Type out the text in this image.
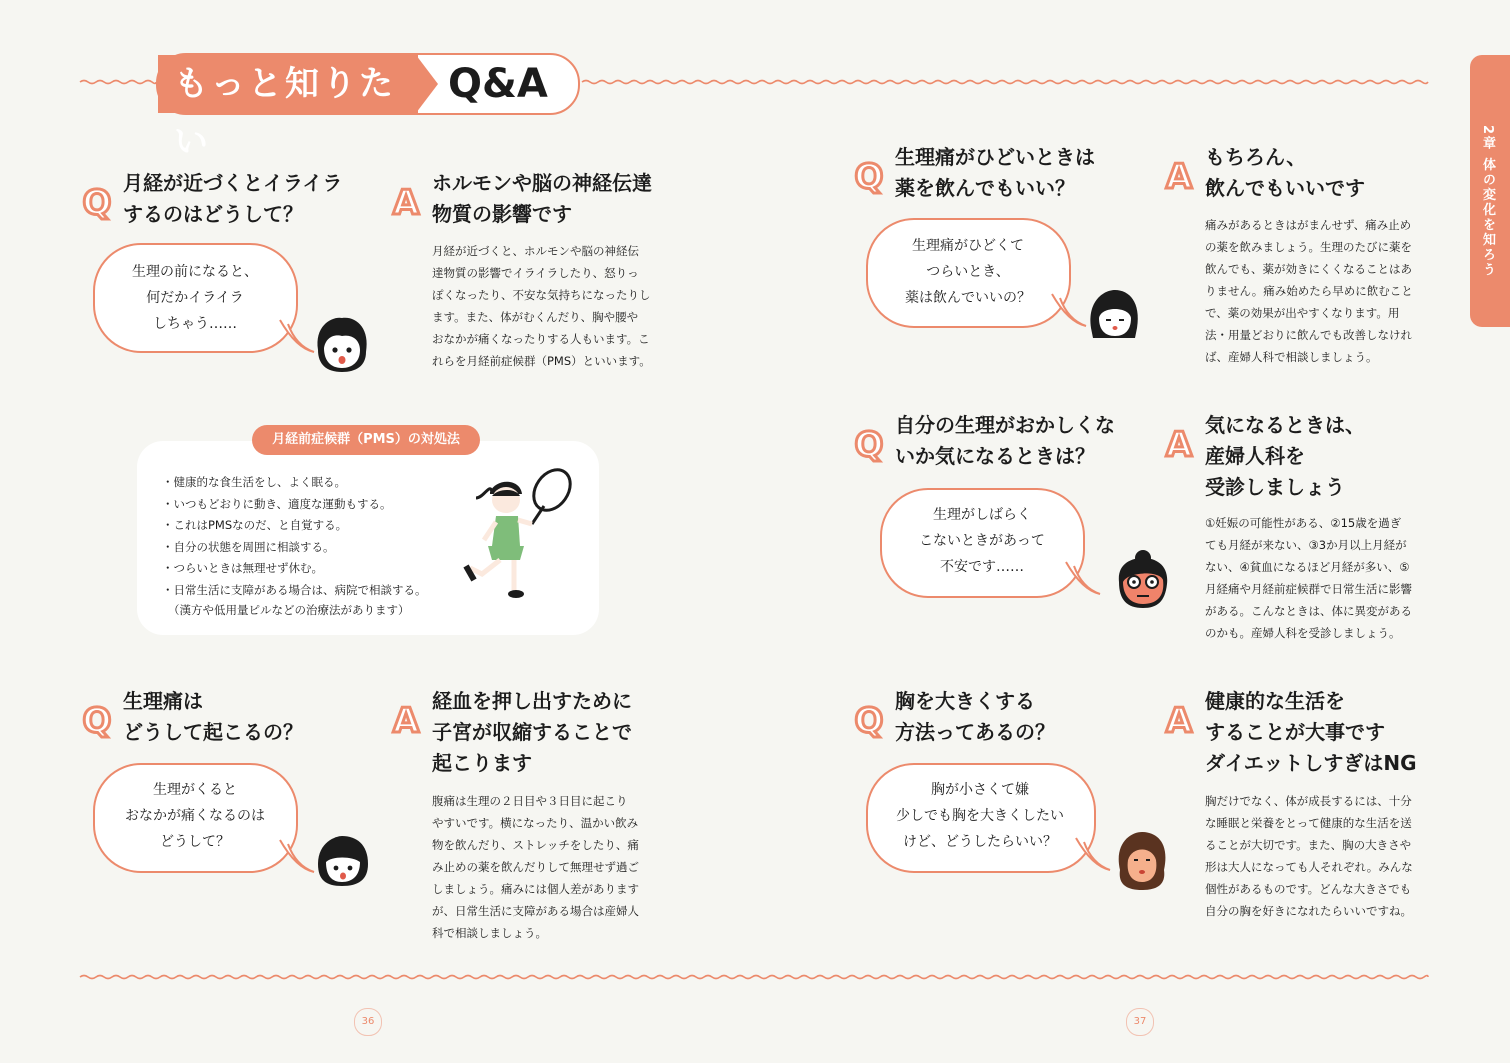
もっと知りたい
Q&A
2章 体の変化を知ろう
Q 月経が近づくとイライラ
するのはどうして？
生理の前になると、
何だかイライラ
しちゃう……
A ホルモンや脳の神経伝達
物質の影響です
月経が近づくと、ホルモンや脳の神経伝
達物質の影響でイライラしたり、怒りっ
ぽくなったり、不安な気持ちになったりし
ます。また、体がむくんだり、胸や腰や
おなかが痛くなったりする人もいます。こ
れらを月経前症候群（PMS）といいます。
月経前症候群（PMS）の対処法
・健康的な食生活をし、よく眠る。
・いつもどおりに動き、適度な運動もする。
・これはPMSなのだ、と自覚する。
・自分の状態を周囲に相談する。
・つらいときは無理せず休む。
・日常生活に支障がある場合は、病院で相談する。
（漢方や低用量ピルなどの治療法があります）
Q 生理痛は
どうして起こるの？
生理がくると
おなかが痛くなるのは
どうして？
A 経血を押し出すために
子宮が収縮することで
起こります
腹痛は生理の２日目や３日目に起こり
やすいです。横になったり、温かい飲み
物を飲んだり、ストレッチをしたり、痛
み止めの薬を飲んだりして無理せず過ご
しましょう。痛みには個人差があります
が、日常生活に支障がある場合は産婦人
科で相談しましょう。
Q 生理痛がひどいときは
薬を飲んでもいい？
生理痛がひどくて
つらいとき、
薬は飲んでいいの？
A もちろん、
飲んでもいいです
痛みがあるときはがまんせず、痛み止め
の薬を飲みましょう。生理のたびに薬を
飲んでも、薬が効きにくくなることはあ
りません。痛み始めたら早めに飲むこと
で、薬の効果が出やすくなります。用
法・用量どおりに飲んでも改善しなけれ
ば、産婦人科で相談しましょう。
Q 自分の生理がおかしくな
いか気になるときは？
生理がしばらく
こないときがあって
不安です……
A 気になるときは、
産婦人科を
受診しましょう
①妊娠の可能性がある、②15歳を過ぎ
ても月経が来ない、③3か月以上月経が
ない、④貧血になるほど月経が多い、⑤
月経痛や月経前症候群で日常生活に影響
がある。こんなときは、体に異変がある
のかも。産婦人科を受診しましょう。
Q 胸を大きくする
方法ってあるの？
胸が小さくて嫌
少しでも胸を大きくしたい
けど、どうしたらいい？
A 健康的な生活を
することが大事です
ダイエットしすぎはNG
胸だけでなく、体が成長するには、十分
な睡眠と栄養をとって健康的な生活を送
ることが大切です。また、胸の大きさや
形は大人になっても人それぞれ。みんな
個性があるものです。どんな大きさでも
自分の胸を好きになれたらいいですね。
36	37
